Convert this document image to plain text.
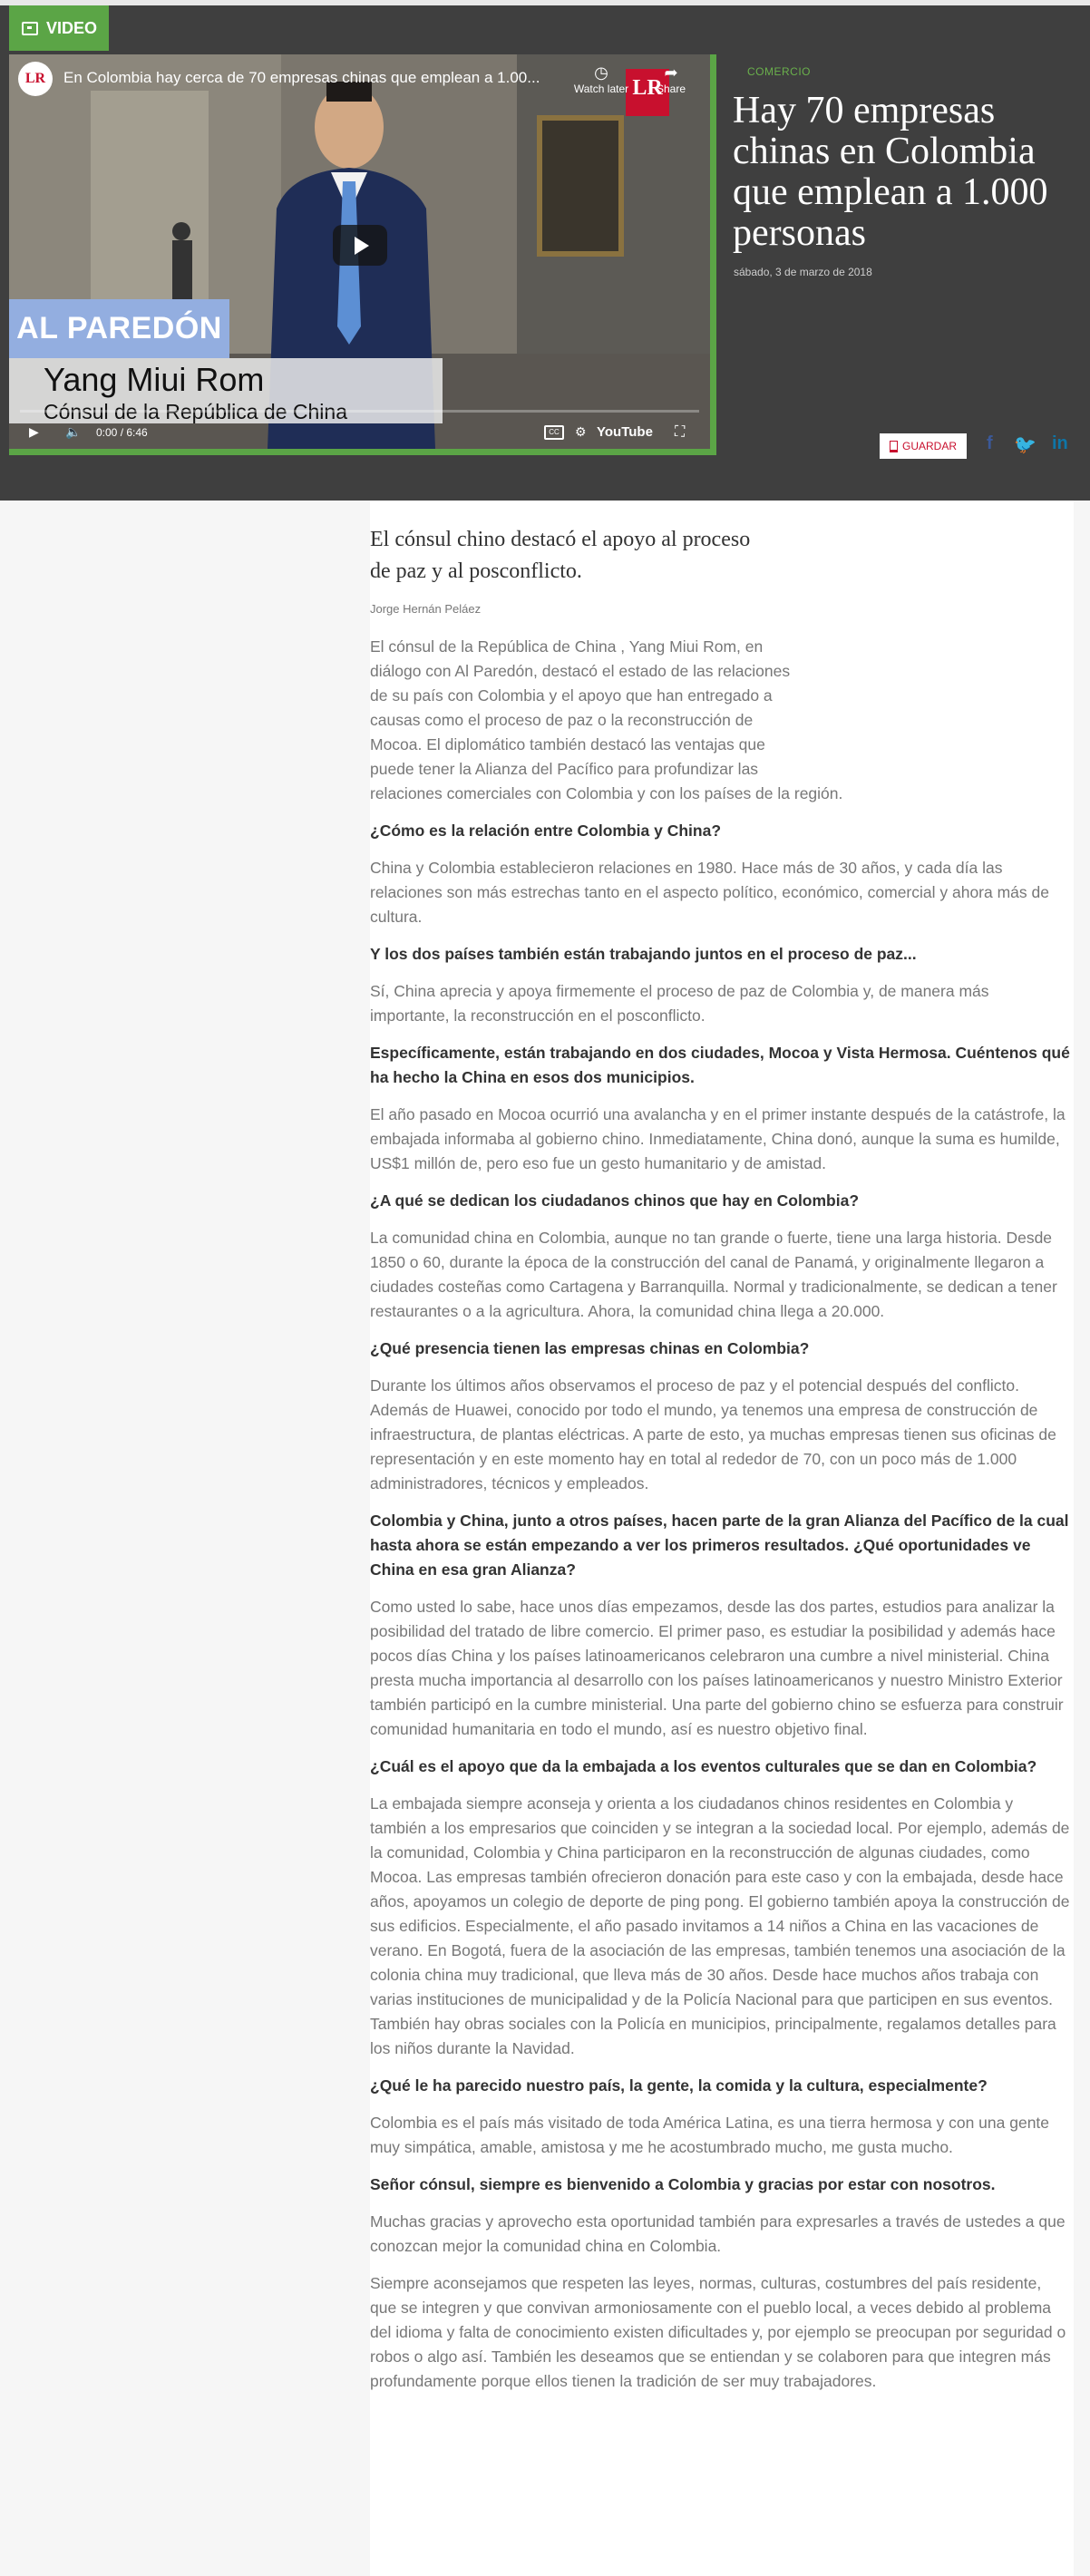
VIDEO
LR	En Colombia hay cerca de 70 empresas chinas que emplean a 1.00...	LR
◷
Watch later
➦
Share
AL PAREDÓN
Yang Miui Rom
Cónsul de la República de China
▶ 🔈 0:00 / 6:46	CC	⚙ YouTube ⛶
COMERCIO
Hay 70 empresas chinas en Colombia que emplean a 1.000 personas
sábado, 3 de marzo de 2018
GUARDAR f 🐦 in
El cónsul chino destacó el apoyo al proceso de paz y al posconflicto.
Jorge Hernán Peláez

El cónsul de la República de China , Yang Miui Rom, en diálogo con Al Paredón, destacó el estado de las relaciones de su país con Colombia y el apoyo que han entregado a causas como el proceso de paz o la reconstrucción de Mocoa. El diplomático también destacó las ventajas que puede tener la Alianza del Pacífico para profundizar las relaciones comerciales con Colombia y con los países de la región.

¿Cómo es la relación entre Colombia y China?

China y Colombia establecieron relaciones en 1980. Hace más de 30 años, y cada día las relaciones son más estrechas tanto en el aspecto político, económico, comercial y ahora más de cultura.

Y los dos países también están trabajando juntos en el proceso de paz...

Sí, China aprecia y apoya firmemente el proceso de paz de Colombia y, de manera más importante, la reconstrucción en el posconflicto.

Específicamente, están trabajando en dos ciudades, Mocoa y Vista Hermosa. Cuéntenos qué ha hecho la China en esos dos municipios.

El año pasado en Mocoa ocurrió una avalancha y en el primer instante después de la catástrofe, la embajada informaba al gobierno chino. Inmediatamente, China donó, aunque la suma es humilde, US$1 millón de, pero eso fue un gesto humanitario y de amistad.

¿A qué se dedican los ciudadanos chinos que hay en Colombia?

La comunidad china en Colombia, aunque no tan grande o fuerte, tiene una larga historia. Desde 1850 o 60, durante la época de la construcción del canal de Panamá, y originalmente llegaron a ciudades costeñas como Cartagena y Barranquilla. Normal y tradicionalmente, se dedican a tener restaurantes o a la agricultura. Ahora, la comunidad china llega a 20.000.

¿Qué presencia tienen las empresas chinas en Colombia?

Durante los últimos años observamos el proceso de paz y el potencial después del conflicto. Además de Huawei, conocido por todo el mundo, ya tenemos una empresa de construcción de infraestructura, de plantas eléctricas. A parte de esto, ya muchas empresas tienen sus oficinas de representación y en este momento hay en total al rededor de 70, con un poco más de 1.000 administradores, técnicos y empleados.

Colombia y China, junto a otros países, hacen parte de la gran Alianza del Pacífico de la cual hasta ahora se están empezando a ver los primeros resultados. ¿Qué oportunidades ve China en esa gran Alianza?

Como usted lo sabe, hace unos días empezamos, desde las dos partes, estudios para analizar la posibilidad del tratado de libre comercio. El primer paso, es estudiar la posibilidad y además hace pocos días China y los países latinoamericanos celebraron una cumbre a nivel ministerial. China presta mucha importancia al desarrollo con los países latinoamericanos y nuestro Ministro Exterior también participó en la cumbre ministerial. Una parte del gobierno chino se esfuerza para construir comunidad humanitaria en todo el mundo, así es nuestro objetivo final.

¿Cuál es el apoyo que da la embajada a los eventos culturales que se dan en Colombia?

La embajada siempre aconseja y orienta a los ciudadanos chinos residentes en Colombia y también a los empresarios que coinciden y se integran a la sociedad local. Por ejemplo, además de la comunidad, Colombia y China participaron en la reconstrucción de algunas ciudades, como Mocoa. Las empresas también ofrecieron donación para este caso y con la embajada, desde hace años, apoyamos un colegio de deporte de ping pong. El gobierno también apoya la construcción de sus edificios. Especialmente, el año pasado invitamos a 14 niños a China en las vacaciones de verano. En Bogotá, fuera de la asociación de las empresas, también tenemos una asociación de la colonia china muy tradicional, que lleva más de 30 años. Desde hace muchos años trabaja con varias instituciones de municipalidad y de la Policía Nacional para que participen en sus eventos. También hay obras sociales con la Policía en municipios, principalmente, regalamos detalles para los niños durante la Navidad.

¿Qué le ha parecido nuestro país, la gente, la comida y la cultura, especialmente?

Colombia es el país más visitado de toda América Latina, es una tierra hermosa y con una gente muy simpática, amable, amistosa y me he acostumbrado mucho, me gusta mucho.

Señor cónsul, siempre es bienvenido a Colombia y gracias por estar con nosotros.

Muchas gracias y aprovecho esta oportunidad también para expresarles a través de ustedes a que conozcan mejor la comunidad china en Colombia.

Siempre aconsejamos que respeten las leyes, normas, culturas, costumbres del país residente, que se integren y que convivan armoniosamente con el pueblo local, a veces debido al problema del idioma y falta de conocimiento existen dificultades y, por ejemplo se preocupan por seguridad o robos o algo así. También les deseamos que se entiendan y se colaboren para que integren más profundamente porque ellos tienen la tradición de ser muy trabajadores.
